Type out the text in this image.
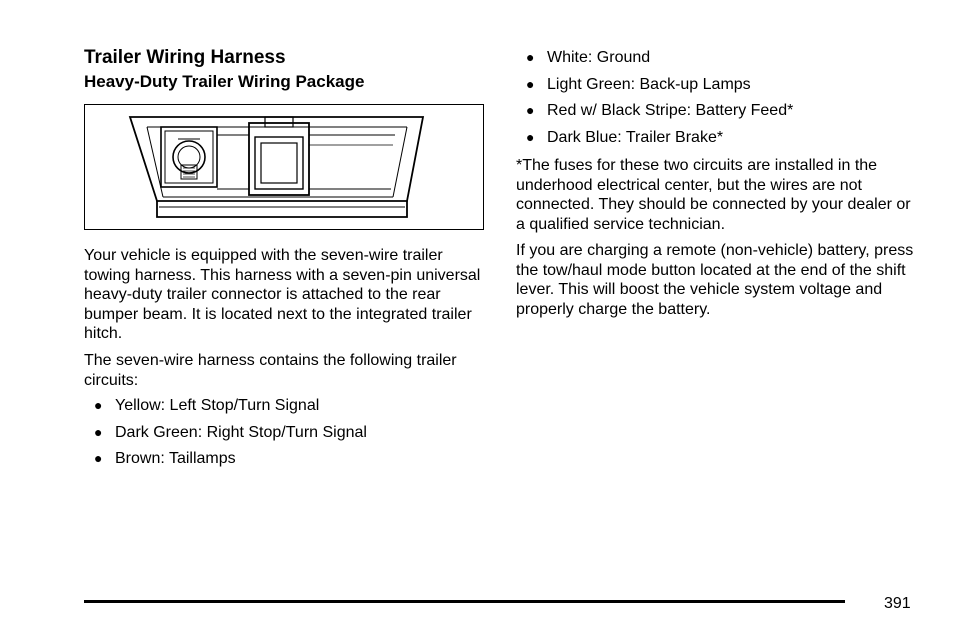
Trailer Wiring Harness
Heavy-Duty Trailer Wiring Package

Your vehicle is equipped with the seven-wire trailer towing harness. This harness with a seven-pin universal heavy-duty trailer connector is attached to the rear bumper beam. It is located next to the integrated trailer hitch.

The seven-wire harness contains the following trailer circuits:

● Yellow: Left Stop/Turn Signal
● Dark Green: Right Stop/Turn Signal
● Brown: Taillamps
● White: Ground
● Light Green: Back-up Lamps
● Red w/ Black Stripe: Battery Feed*
● Dark Blue: Trailer Brake*

*The fuses for these two circuits are installed in the underhood electrical center, but the wires are not connected. They should be connected by your dealer or a qualified service technician.

If you are charging a remote (non-vehicle) battery, press the tow/haul mode button located at the end of the shift lever. This will boost the vehicle system voltage and properly charge the battery.

391
